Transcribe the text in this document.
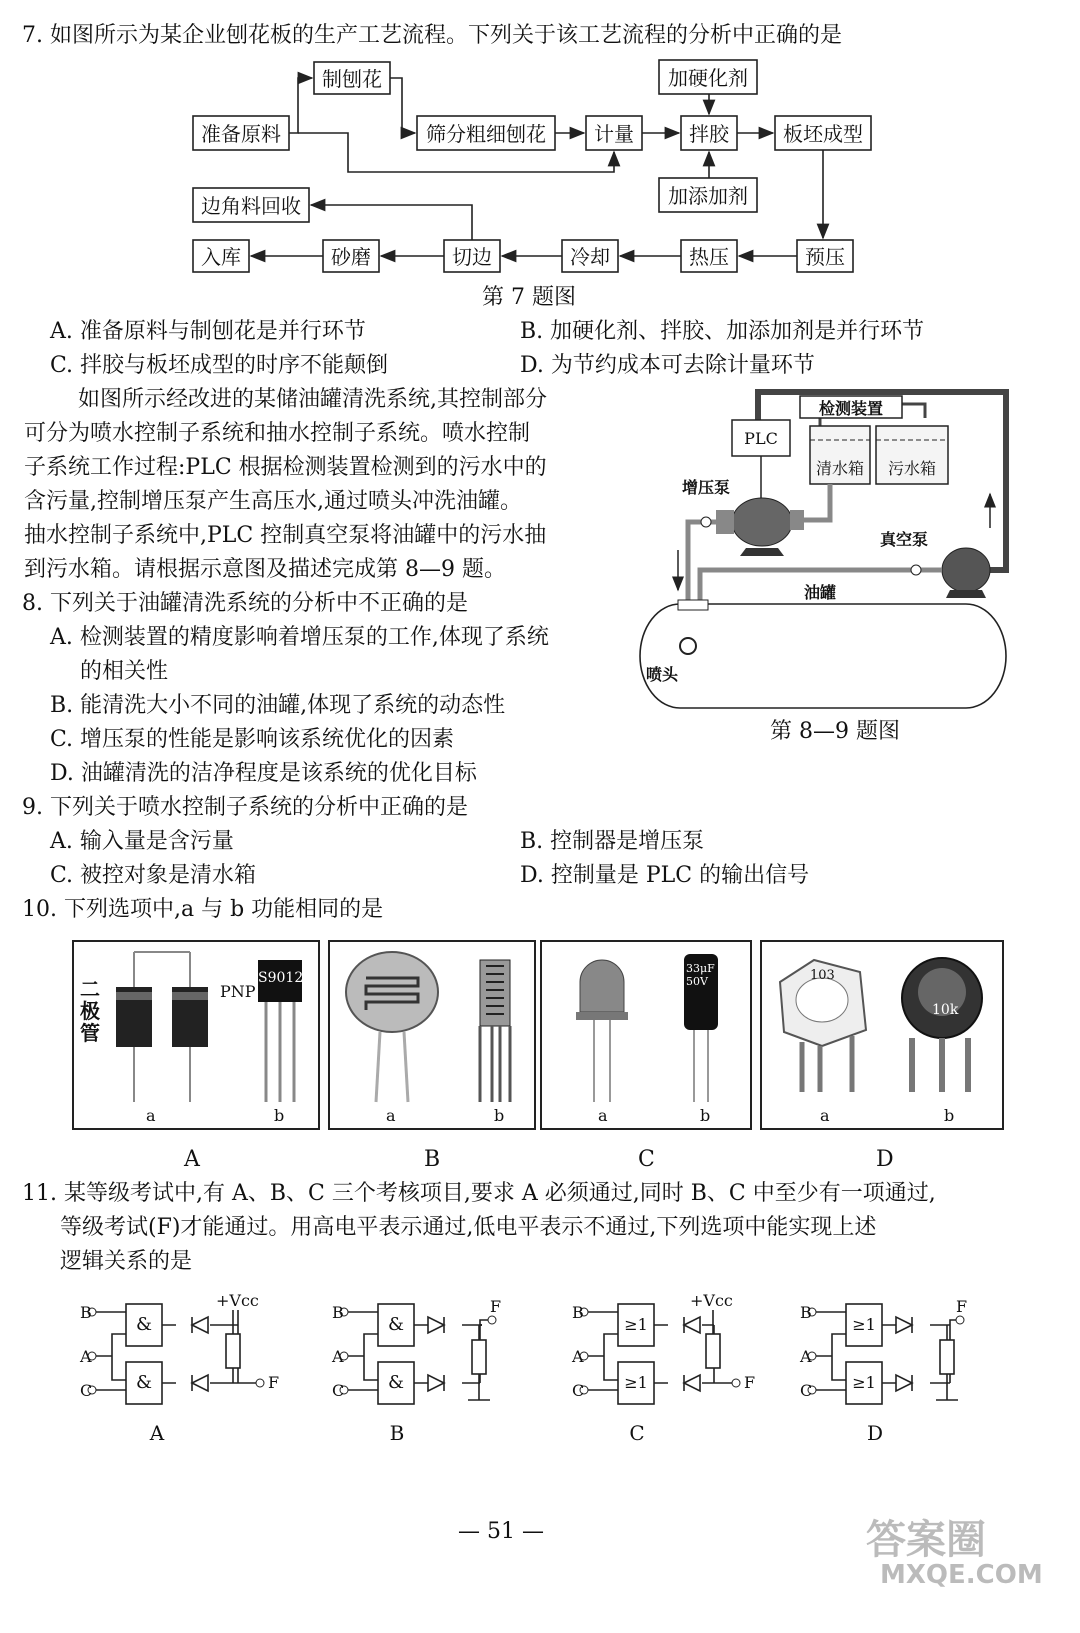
7. 如图所示为某企业刨花板的生产工艺流程。下列关于该工艺流程的分析中正确的是
准备原料
制刨花
筛分粗细刨花 计量
加硬化剂
拌胶
加添加剂
板坯成型
边角料回收
入库	砂磨	切边	冷却	热压	预压
第 7 题图
A. 准备原料与制刨花是并行环节	B. 加硬化剂、拌胶、加添加剂是并行环节
C. 拌胶与板坯成型的时序不能颠倒	D. 为节约成本可去除计量环节
如图所示经改进的某储油罐清洗系统,其控制部分
可分为喷水控制子系统和抽水控制子系统。喷水控制
子系统工作过程:PLC 根据检测装置检测到的污水中的
含污量,控制增压泵产生高压水,通过喷头冲洗油罐。
抽水控制子系统中,PLC 控制真空泵将油罐中的污水抽
到污水箱。请根据示意图及描述完成第 8—9 题。
检测装置
PLC
清水箱 污水箱
增压泵
真空泵
油罐
喷头
第 8—9 题图
8. 下列关于油罐清洗系统的分析中不正确的是
A. 检测装置的精度影响着增压泵的工作,体现了系统
的相关性
B. 能清洗大小不同的油罐,体现了系统的动态性
C. 增压泵的性能是影响该系统优化的因素
D. 油罐清洗的洁净程度是该系统的优化目标
9. 下列关于喷水控制子系统的分析中正确的是
A. 输入量是含污量	B. 控制器是增压泵
C. 被控对象是清水箱	D. 控制量是 PLC 的输出信号
10. 下列选项中,a 与 b 功能相同的是
二极管
PNP
S9012
a	b
A
a	b
B
33μF 50V
a	b
C
103
10k
a	b
D
11. 某等级考试中,有 A、B、C 三个考核项目,要求 A 必须通过,同时 B、C 中至少有一项通过,
等级考试(F)才能通过。用高电平表示通过,低电平表示不通过,下列选项中能实现上述
逻辑关系的是
&
&
B
A
C
+Vcc
F
A
&
&
B
A
C
F
B
≥1
≥1
B
A
C
+Vcc
F
C
≥1
≥1
B
A
C
F
D
— 51 —	答案圈
MXQE.COM
